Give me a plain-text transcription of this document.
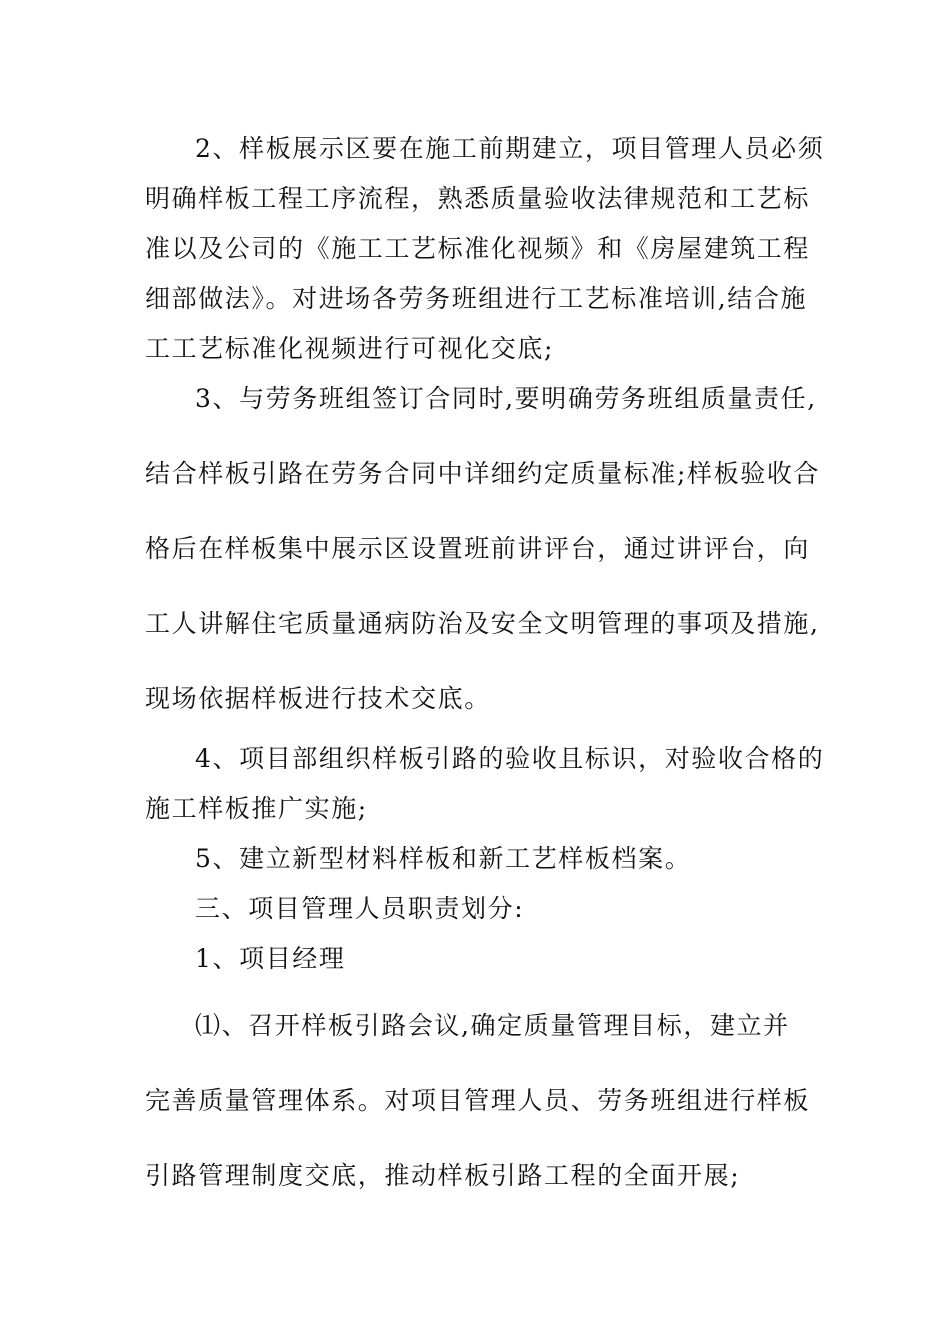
2、样板展示区要在施工前期建立，项目管理人员必须
明确样板工程工序流程，熟悉质量验收法律规范和工艺标
准以及公司的《施工工艺标准化视频》和《房屋建筑工程
细部做法》。对进场各劳务班组进行工艺标准培训,结合施
工工艺标准化视频进行可视化交底;
3、与劳务班组签订合同时,要明确劳务班组质量责任,
结合样板引路在劳务合同中详细约定质量标准;样板验收合
格后在样板集中展示区设置班前讲评台，通过讲评台，向
工人讲解住宅质量通病防治及安全文明管理的事项及措施,
现场依据样板进行技术交底。
4、项目部组织样板引路的验收且标识，对验收合格的
施工样板推广实施;
5、建立新型材料样板和新工艺样板档案。
三、项目管理人员职责划分:
1、项目经理
⑴、召开样板引路会议,确定质量管理目标，建立并
完善质量管理体系。对项目管理人员、劳务班组进行样板
引路管理制度交底，推动样板引路工程的全面开展;
